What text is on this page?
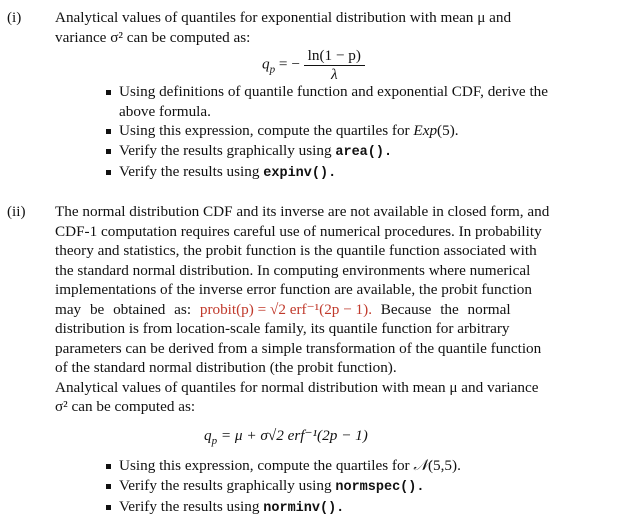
(i) Analytical values of quantiles for exponential distribution with mean μ and
variance σ² can be computed as:
$q_p$ = − $\frac{\ln(1 - p)}{\lambda}$
Using definitions of quantile function and exponential CDF, derive the above formula.
Using this expression, compute the quartiles for Exp(5).
Verify the results graphically using area().
Verify the results using expinv().
(ii) The normal distribution CDF and its inverse are not available in closed form, and
CDF-1 computation requires careful use of numerical procedures. In probability
theory and statistics, the probit function is the quantile function associated with
the standard normal distribution. In computing environments where numerical
implementations of the inverse error function are available, the probit function
may be obtained as: probit(p) = √2 erf⁻¹(2p − 1). Because the normal
distribution is from location-scale family, its quantile function for arbitrary
parameters can be derived from a simple transformation of the quantile function
of the standard normal distribution (the probit function).
Analytical values of quantiles for normal distribution with mean μ and variance
σ² can be computed as:
$q_p = \mu + \sigma√2$ erf⁻¹(2p − 1)
Using this expression, compute the quartiles for 𝒩(5,5).
Verify the results graphically using normspec().
Verify the results using norminv().
